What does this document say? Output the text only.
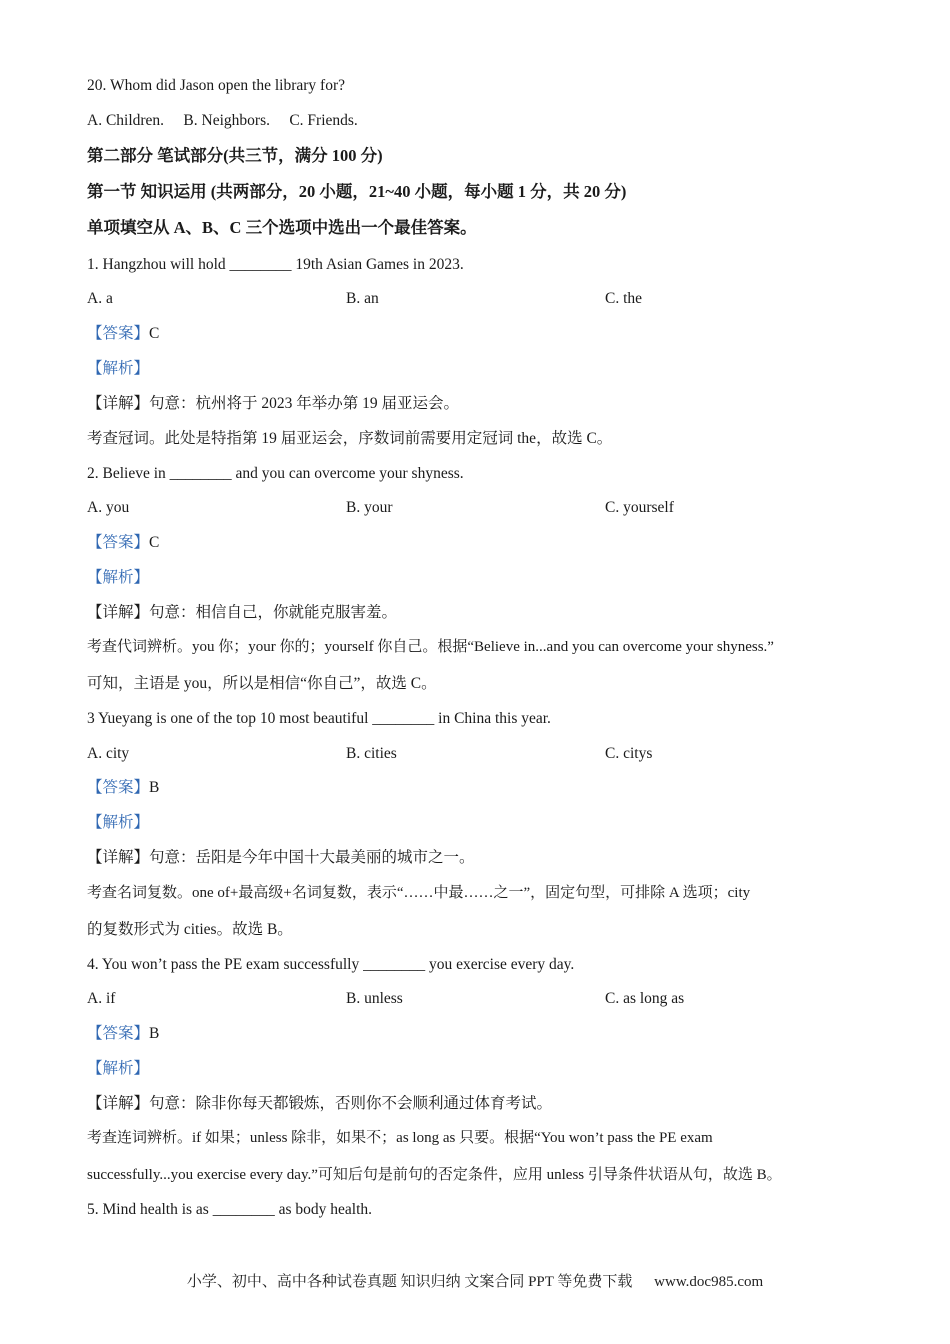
20. Whom did Jason open the library for?
A. Children.     B. Neighbors.     C. Friends.
第二部分 笔试部分(共三节，满分 100 分)
第一节 知识运用 (共两部分，20 小题，21~40 小题，每小题 1 分，共 20 分)
单项填空从 A、B、C 三个选项中选出一个最佳答案。
1. Hangzhou will hold ________ 19th Asian Games in 2023.
A. a	B. an	C. the
【答案】C
【解析】
【详解】句意：杭州将于 2023 年举办第 19 届亚运会。
考查冠词。此处是特指第 19 届亚运会，序数词前需要用定冠词 the，故选 C。
2. Believe in ________ and you can overcome your shyness.
A. you	B. your	C. yourself
【答案】C
【解析】
【详解】句意：相信自己，你就能克服害羞。
考查代词辨析。you 你；your 你的；yourself 你自己。根据“Believe in...and you can overcome your shyness.”
可知，主语是 you，所以是相信“你自己”，故选 C。
3 Yueyang is one of the top 10 most beautiful ________ in China this year.
A. city	B. cities	C. citys
【答案】B
【解析】
【详解】句意：岳阳是今年中国十大最美丽的城市之一。
考查名词复数。one of+最高级+名词复数，表示“……中最……之一”，固定句型，可排除 A 选项；city
的复数形式为 cities。故选 B。
4. You won’t pass the PE exam successfully ________ you exercise every day.
A. if	B. unless	C. as long as
【答案】B
【解析】
【详解】句意：除非你每天都锻炼，否则你不会顺利通过体育考试。
考查连词辨析。if 如果；unless 除非，如果不；as long as 只要。根据“You won’t pass the PE exam
successfully...you exercise every day.”可知后句是前句的否定条件，应用 unless 引导条件状语从句，故选 B。
5. Mind health is as ________ as body health.
小学、初中、高中各种试卷真题 知识归纳 文案合同 PPT 等免费下载 www.doc985.com
